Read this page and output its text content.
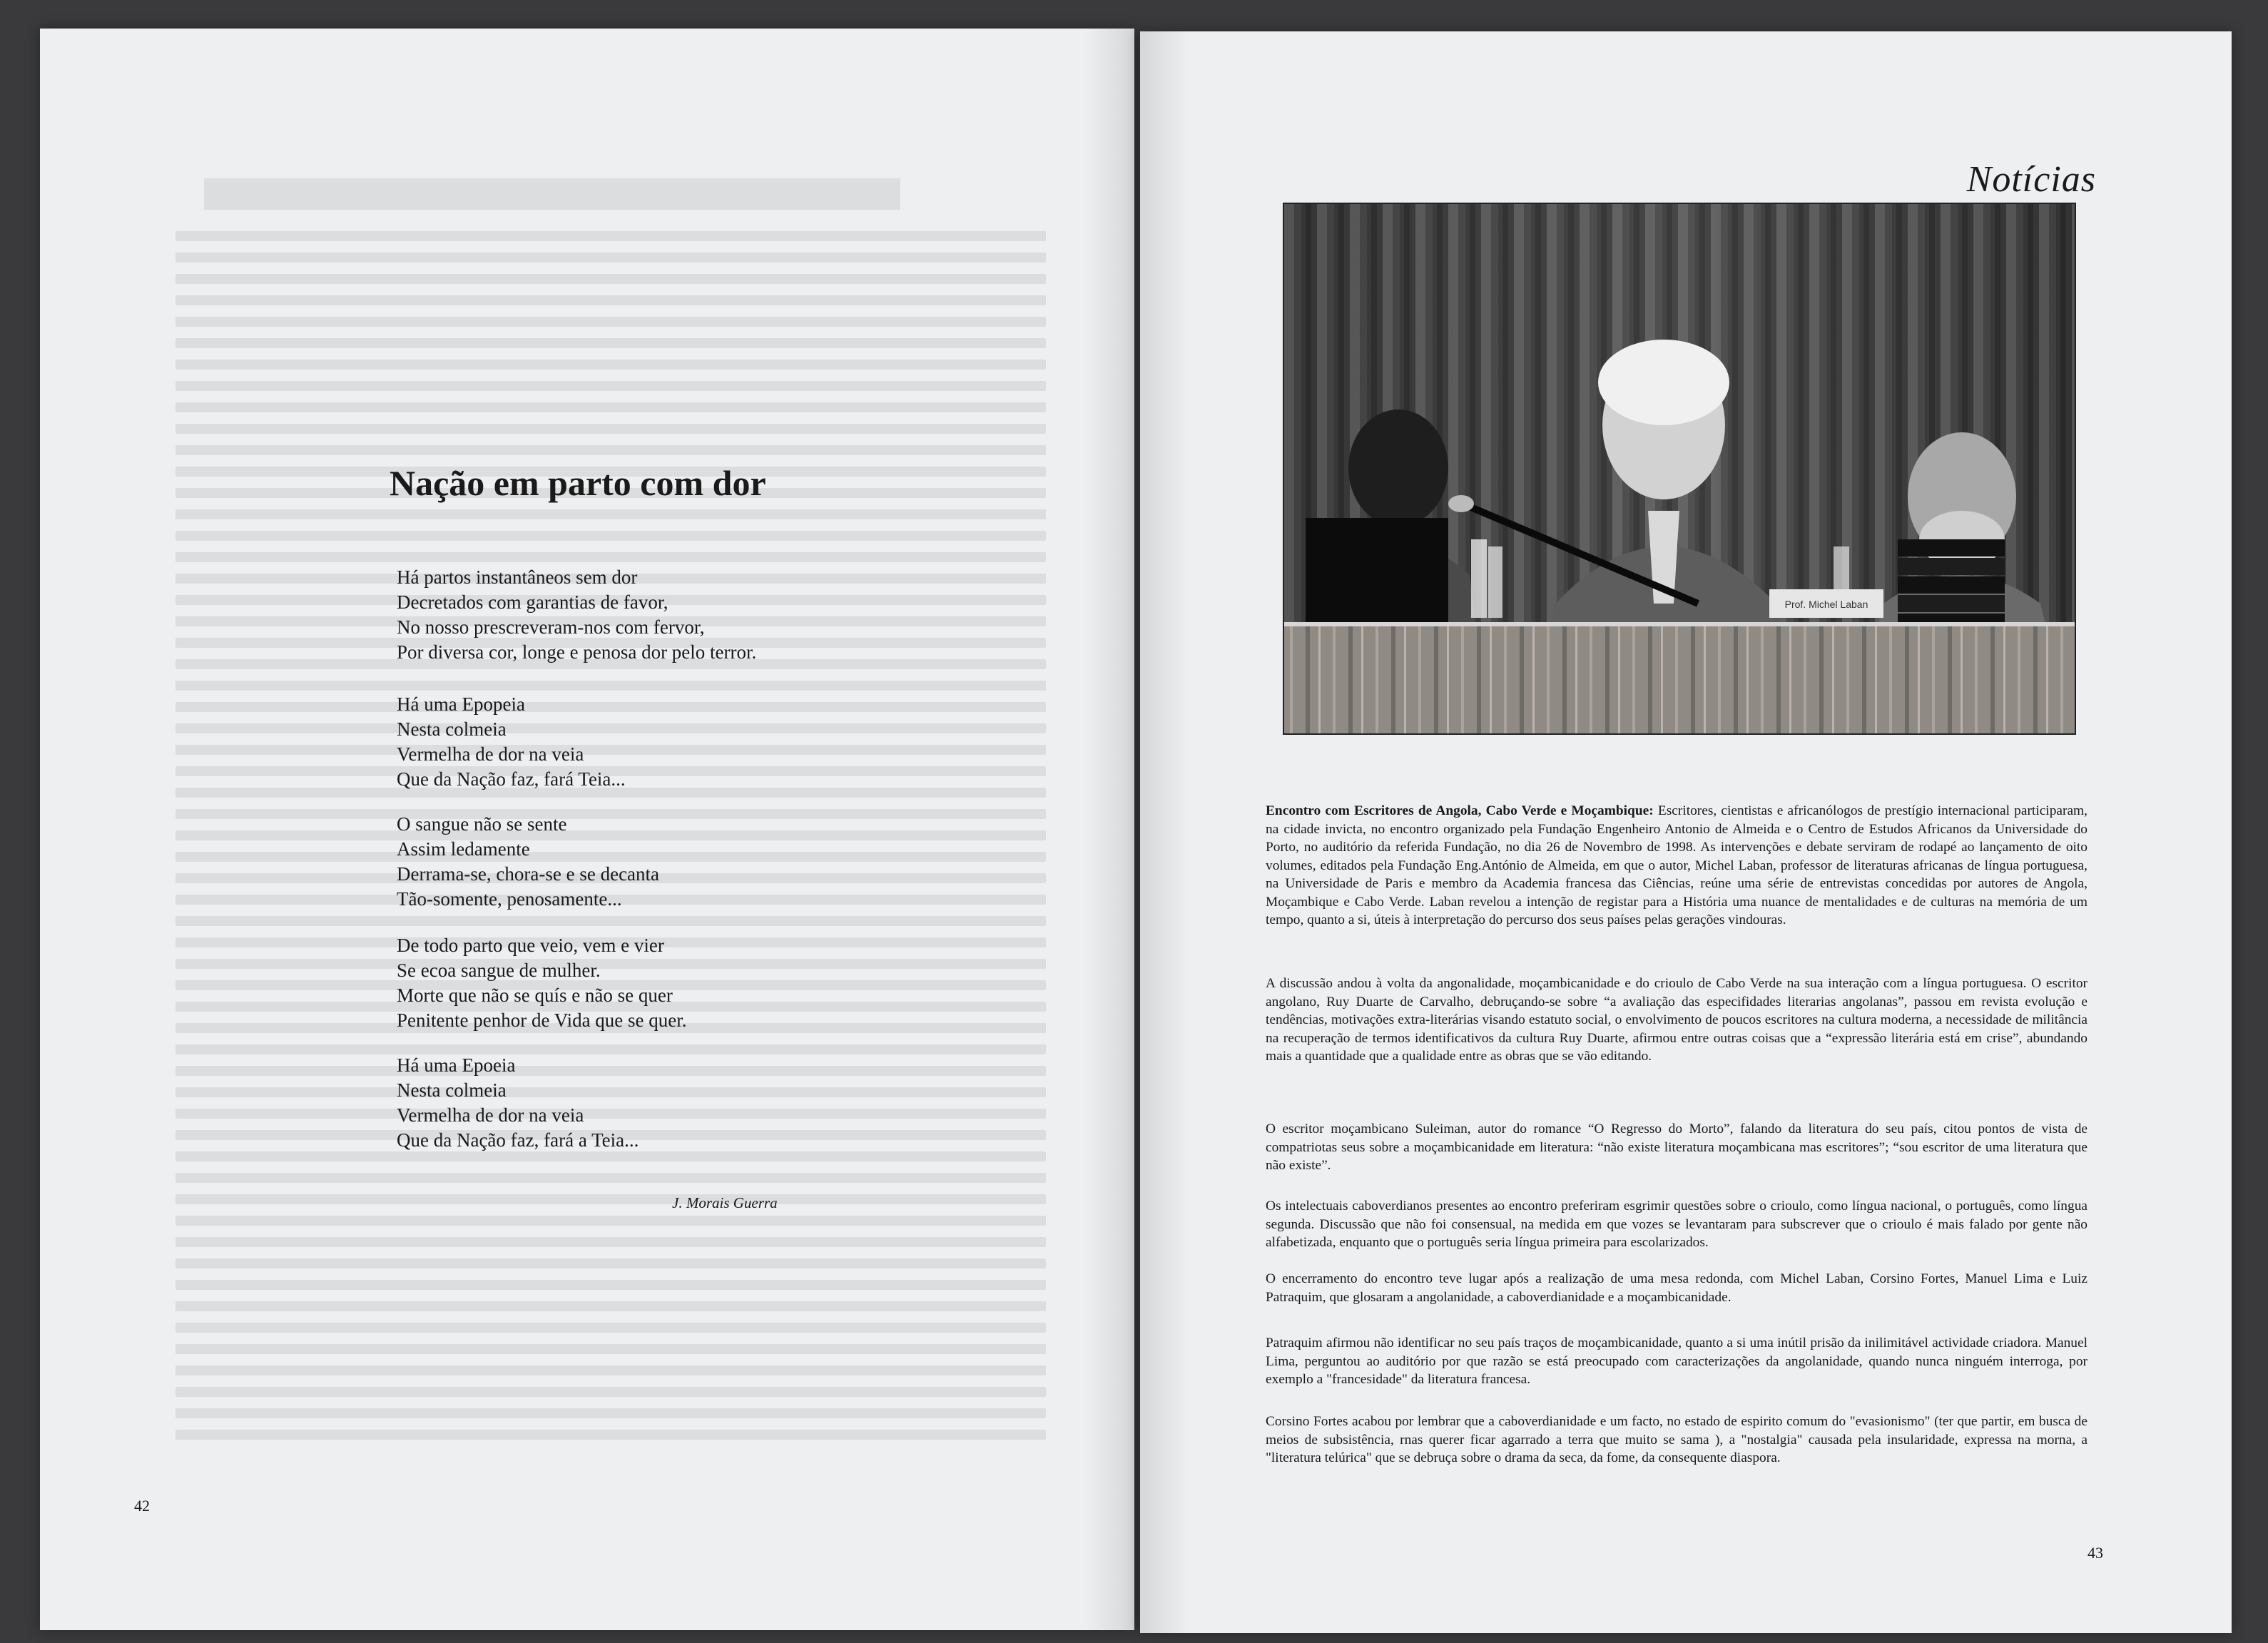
Nação em parto com dor
Há partos instantâneos sem dor
Decretados com garantias de favor,
No nosso prescreveram-nos com fervor,
Por diversa cor, longe e penosa dor pelo terror.
Há uma Epopeia
Nesta colmeia
Vermelha de dor na veia
Que da Nação faz, fará Teia...
O sangue não se sente
Assim ledamente
Derrama-se, chora-se e se decanta
Tão-somente, penosamente...
De todo parto que veio, vem e vier
Se ecoa sangue de mulher.
Morte que não se quís e não se quer
Penitente penhor de Vida que se quer.
Há uma Epoeia
Nesta colmeia
Vermelha de dor na veia
Que da Nação faz, fará a Teia...
J. Morais Guerra
42
Notícias
Prof. Michel Laban
Encontro com Escritores de Angola, Cabo Verde e Moçambique: Escritores, cientistas e africanólogos de prestígio internacional participaram, na cidade invicta, no encontro organizado pela Fundação Engenheiro Antonio de Almeida e o Centro de Estudos Africanos da Universidade do Porto, no auditório da referida Fundação, no dia 26 de Novembro de 1998. As intervenções e debate serviram de rodapé ao lançamento de oito volumes, editados pela Fundação Eng.António de Almeida, em que o autor, Michel Laban, professor de literaturas africanas de língua portuguesa, na Universidade de Paris e membro da Academia francesa das Ciências, reúne uma série de entrevistas concedidas por autores de Angola, Moçambique e Cabo Verde. Laban revelou a intenção de registar para a História uma nuance de mentalidades e de culturas na memória de um tempo, quanto a si, úteis à interpretação do percurso dos seus países pelas gerações vindouras.
A discussão andou à volta da angonalidade, moçambicanidade e do crioulo de Cabo Verde na sua interação com a língua portuguesa. O escritor angolano, Ruy Duarte de Carvalho, debruçando-se sobre “a avaliação das especifidades literarias angolanas”, passou em revista evolução e tendências, motivações extra-literárias visando estatuto social, o envolvimento de poucos escritores na cultura moderna, a necessidade de militância na recuperação de termos identificativos da cultura Ruy Duarte, afirmou entre outras coisas que a “expressão literária está em crise”, abundando mais a quantidade que a qualidade entre as obras que se vão editando.
O escritor moçambicano Suleiman, autor do romance “O Regresso do Morto”, falando da literatura do seu país, citou pontos de vista de compatriotas seus sobre a moçambicanidade em literatura: “não existe literatura moçambicana mas escritores”; “sou escritor de uma literatura que não existe”.
Os intelectuais caboverdianos presentes ao encontro preferiram esgrimir questões sobre o crioulo, como língua nacional, o português, como língua segunda. Discussão que não foi consensual, na medida em que vozes se levantaram para subscrever que o crioulo é mais falado por gente não alfabetizada, enquanto que o português seria língua primeira para escolarizados.
O encerramento do encontro teve lugar após a realização de uma mesa redonda, com Michel Laban, Corsino Fortes, Manuel Lima e Luiz Patraquim, que glosaram a angolanidade, a caboverdianidade e a moçambicanidade.
Patraquim afirmou não identificar no seu país traços de moçambicanidade, quanto a si uma inútil prisão da inilimitável actividade criadora. Manuel Lima, perguntou ao auditório por que razão se está preocupado com caracterizações da angolanidade, quando nunca ninguém interroga, por exemplo a "francesidade" da literatura francesa.
Corsino Fortes acabou por lembrar que a caboverdianidade e um facto, no estado de espirito comum do "evasionismo" (ter que partir, em busca de meios de subsistência, rnas querer ficar agarrado a terra que muito se sama ), a "nostalgia" causada pela insularidade, expressa na morna, a "literatura telúrica" que se debruça sobre o drama da seca, da fome, da consequente diaspora.
43
